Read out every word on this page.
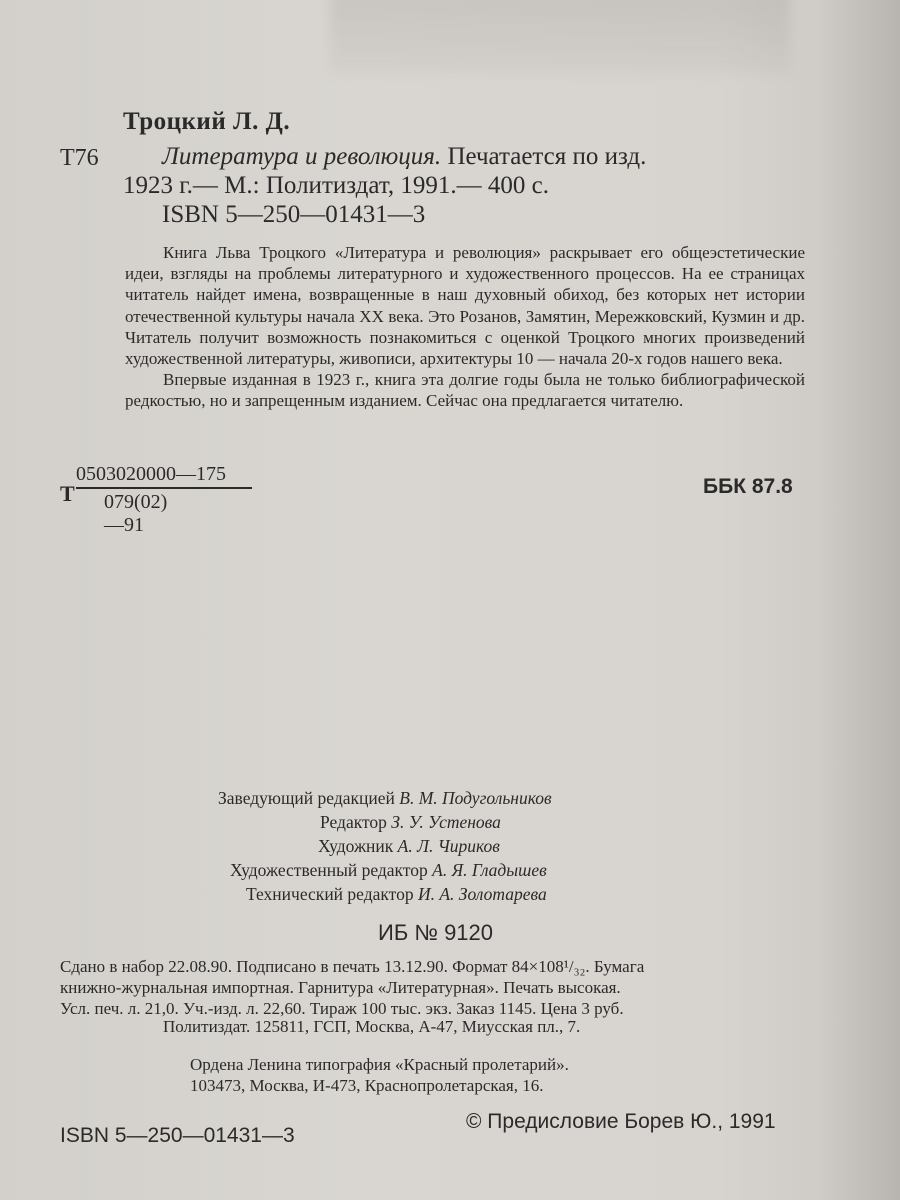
Троцкий Л. Д.
Т76	Литература и революция. Печатается по изд.
1923 г.— М.: Политиздат, 1991.— 400 с.
ISBN 5—250—01431—3

Книга Льва Троцкого «Литература и революция» раскрывает его общеэстетические идеи, взгляды на проблемы литературного и художественного процессов. На ее страницах читатель найдет имена, возвращенные в наш духовный обиход, без которых нет истории отечественной культуры начала XX века. Это Розанов, Замятин, Мережковский, Кузмин и др. Читатель получит возможность познакомиться с оценкой Троцкого многих произведений художественной литературы, живописи, архитектуры 10 — начала 20-х годов нашего века.

Впервые изданная в 1923 г., книга эта долгие годы была не только библиографической редкостью, но и запрещенным изданием. Сейчас она предлагается читателю.

Т
0503020000—175
079(02)—91
ББК 87.8
Заведующий редакцией В. М. Подугольников
Редактор З. У. Устенова
Художник А. Л. Чириков
Художественный редактор А. Я. Гладышев
Технический редактор И. А. Золотарева
ИБ № 9120
Сдано в набор 22.08.90. Подписано в печать 13.12.90. Формат 84×108¹/₃₂. Бумага
книжно-журнальная импортная. Гарнитура «Литературная». Печать высокая.
Усл. печ. л. 21,0. Уч.-изд. л. 22,60. Тираж 100 тыс. экз. Заказ 1145. Цена 3 руб.
Политиздат. 125811, ГСП, Москва, А-47, Миусская пл., 7.
Ордена Ленина типография «Красный пролетарий».
103473, Москва, И-473, Краснопролетарская, 16.
ISBN 5—250—01431—3
© Предисловие Борев Ю., 1991
